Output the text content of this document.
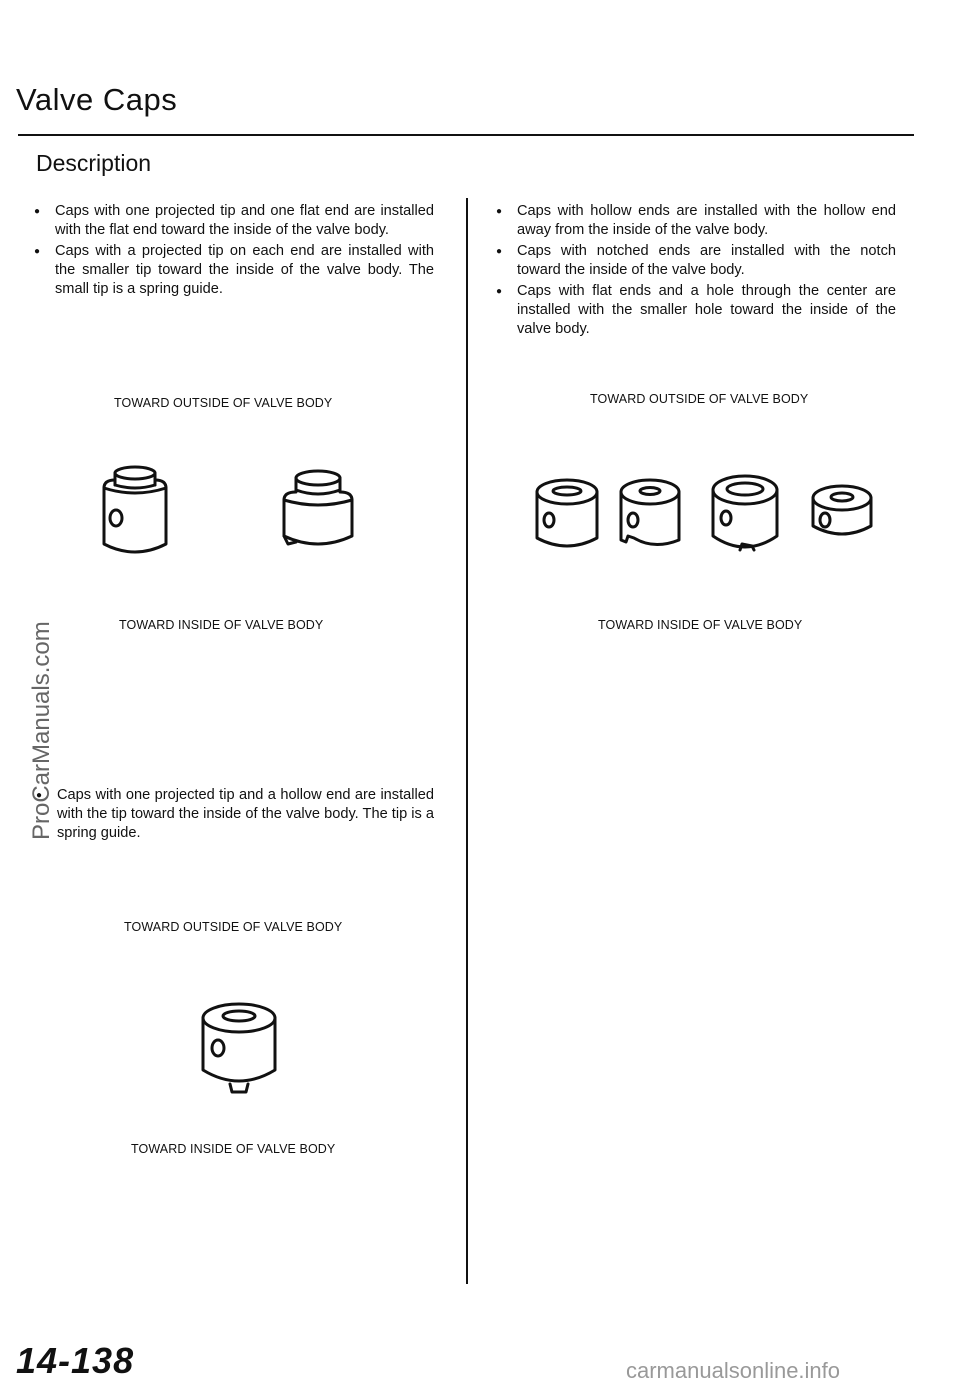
Valve Caps
Description
● Caps with one projected tip and one flat end are installed with the flat end toward the inside of the valve body.
● Caps with a projected tip on each end are installed with the smaller tip toward the inside of the valve body. The small tip is a spring guide.
TOWARD OUTSIDE OF VALVE BODY
TOWARD INSIDE OF VALVE BODY
● Caps with one projected tip and a hollow end are installed with the tip toward the inside of the valve body. The tip is a spring guide.
TOWARD OUTSIDE OF VALVE BODY
TOWARD INSIDE OF VALVE BODY
● Caps with hollow ends are installed with the hollow end away from the inside of the valve body.
● Caps with notched ends are installed with the notch toward the inside of the valve body.
● Caps with flat ends and a hole through the center are installed with the smaller hole toward the inside of the valve body.
TOWARD OUTSIDE OF VALVE BODY
TOWARD INSIDE OF VALVE BODY
ProCarManuals.com
14-138	carmanualsonline.info
